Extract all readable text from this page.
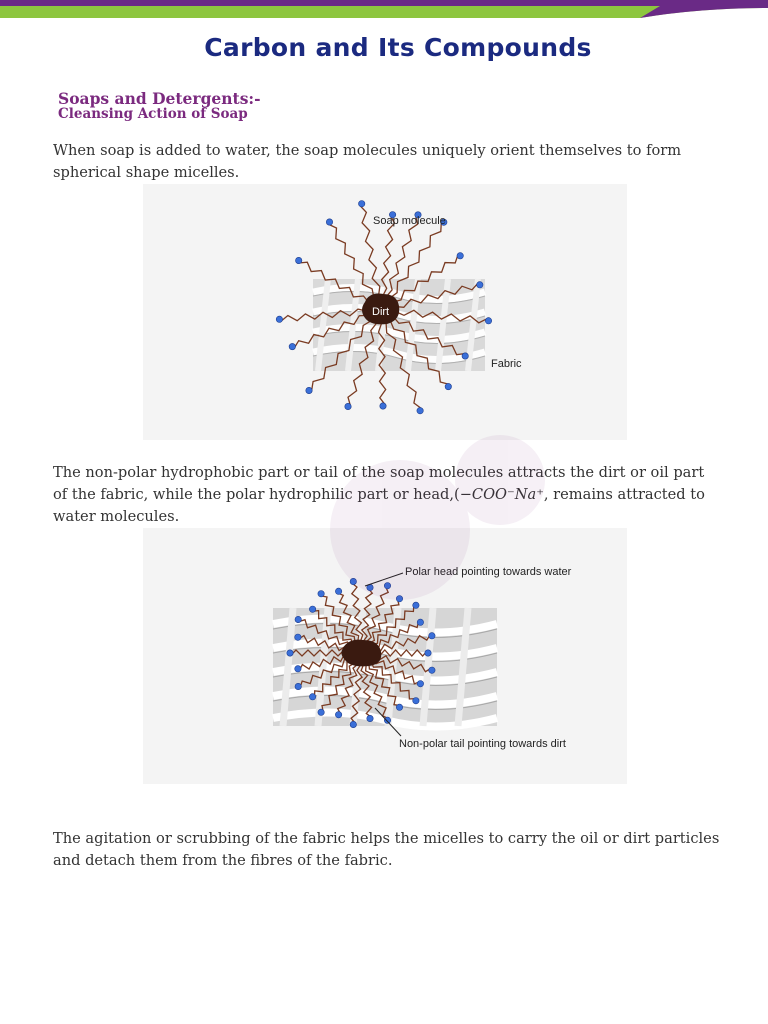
Carbon and Its Compounds
Soaps and Detergents:-
Cleansing Action of Soap

When soap is added to water, the soap molecules uniquely orient themselves to form spherical shape micelles.

Soap molecule
Dirt
Fabric

The non-polar hydrophobic part or tail of the soap molecules attracts the dirt or oil part of the fabric, while the polar hydrophilic part or head,(−COO⁻Na⁺, remains attracted to water molecules.

Polar head pointing towards water
Non-polar tail pointing towards dirt

The agitation or scrubbing of the fabric helps the micelles to carry the oil or dirt particles and detach them from the fibres of the fabric.
